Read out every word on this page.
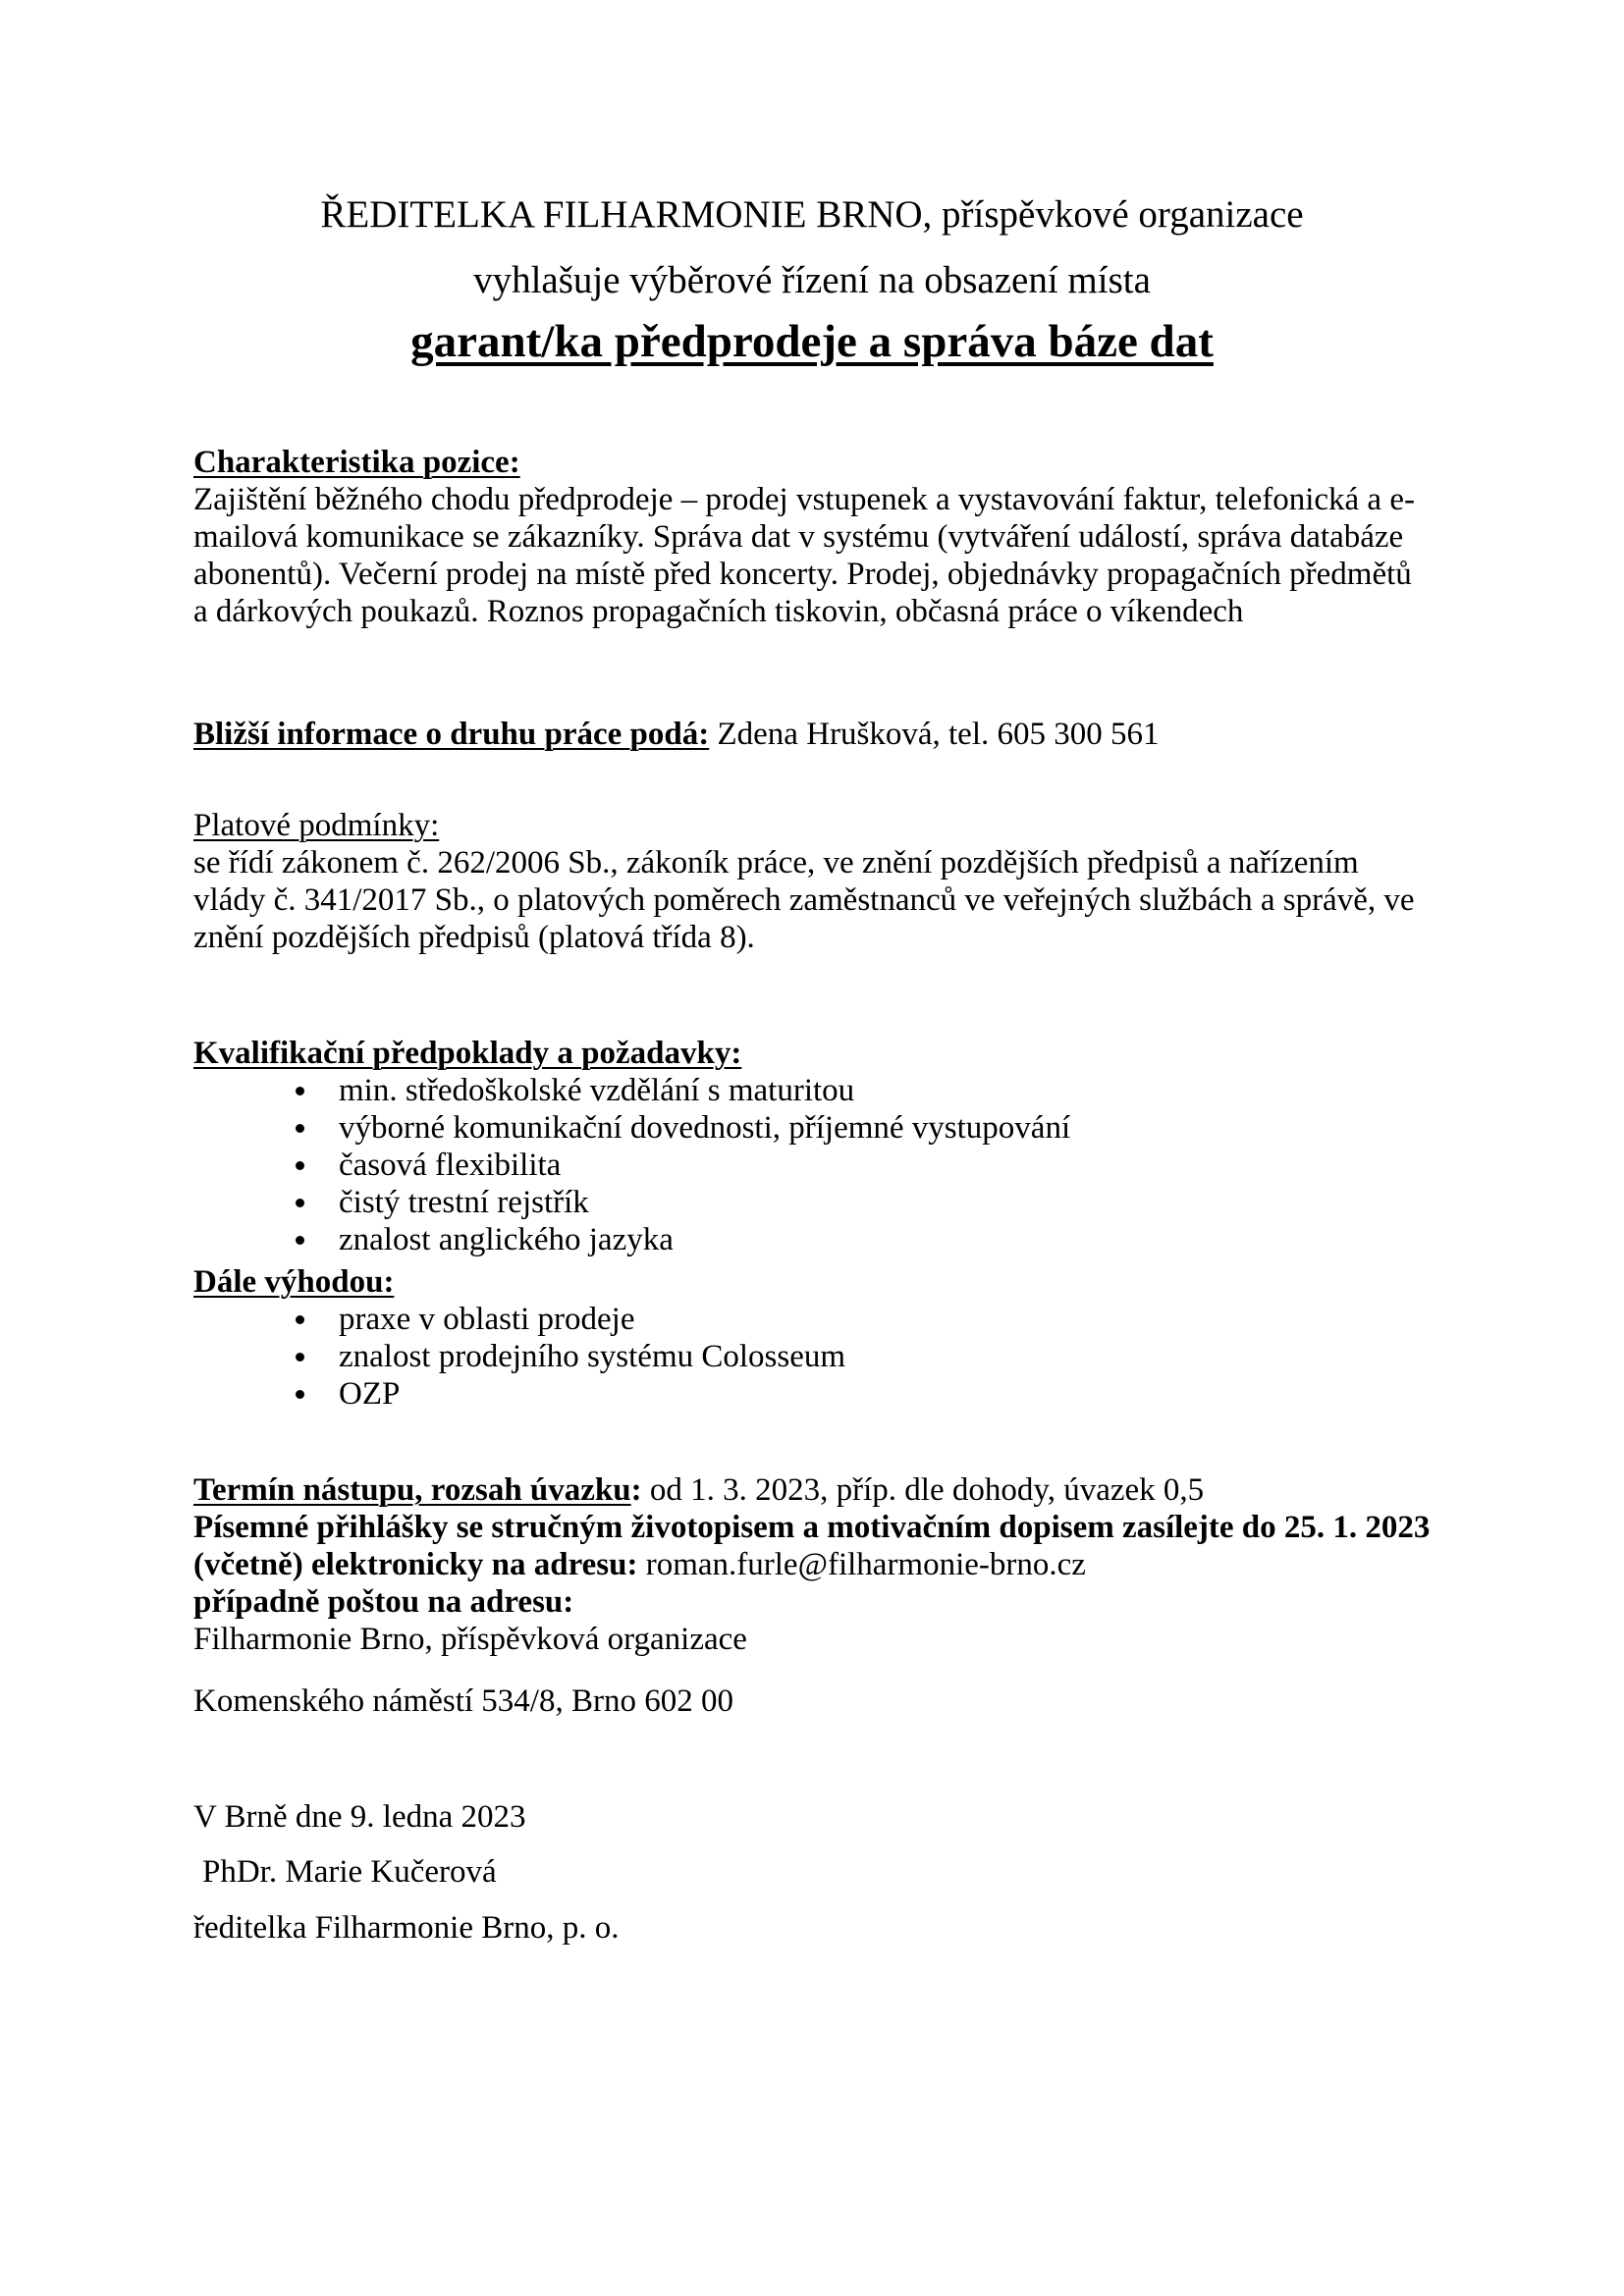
ŘEDITELKA FILHARMONIE BRNO, příspěvkové organizace
vyhlašuje výběrové řízení na obsazení místa
garant/ka předprodeje a správa báze dat

Charakteristika pozice:

Zajištění běžného chodu předprodeje – prodej vstupenek a vystavování faktur, telefonická a e-mailová komunikace se zákazníky. Správa dat v systému (vytváření událostí, správa databáze abonentů). Večerní prodej na místě před koncerty. Prodej, objednávky propagačních předmětů a dárkových poukazů. Roznos propagačních tiskovin, občasná práce o víkendech

Bližší informace o druhu práce podá: Zdena Hrušková, tel. 605 300 561

Platové podmínky:

se řídí zákonem č. 262/2006 Sb., zákoník práce, ve znění pozdějších předpisů a nařízením vlády č. 341/2017 Sb., o platových poměrech zaměstnanců ve veřejných službách a správě, ve znění pozdějších předpisů (platová třída 8).

Kvalifikační předpoklady a požadavky:

min. středoškolské vzdělání s maturitou
výborné komunikační dovednosti, příjemné vystupování
časová flexibilita
čistý trestní rejstřík
znalost anglického jazyka

Dále výhodou:

praxe v oblasti prodeje
znalost prodejního systému Colosseum
OZP

Termín nástupu, rozsah úvazku: od 1. 3. 2023, příp. dle dohody, úvazek 0,5

Písemné přihlášky se stručným životopisem a motivačním dopisem zasílejte do 25. 1. 2023 (včetně) elektronicky na adresu: roman.furle@filharmonie-brno.cz

případně poštou na adresu:

Filharmonie Brno, příspěvková organizace

Komenského náměstí 534/8, Brno 602 00

V Brně dne 9. ledna 2023

PhDr. Marie Kučerová

ředitelka Filharmonie Brno, p. o.
